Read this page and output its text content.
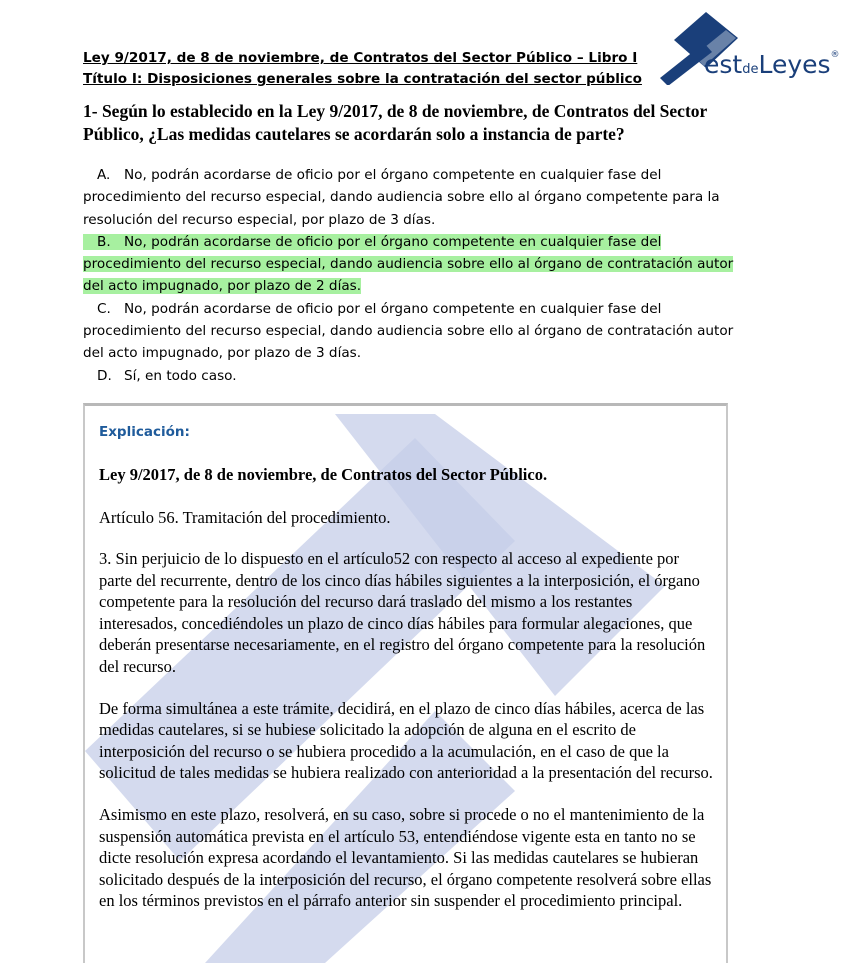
Ley 9/2017, de 8 de noviembre, de Contratos del Sector Público – Libro I Título I: Disposiciones generales sobre la contratación del sector público	estdeLeyes®
1- Según lo establecido en la Ley 9/2017, de 8 de noviembre, de Contratos del Sector Público, ¿Las medidas cautelares se acordarán solo a instancia de parte?

A. No, podrán acordarse de oficio por el órgano competente en cualquier fase del procedimiento del recurso especial, dando audiencia sobre ello al órgano competente para la resolución del recurso especial, por plazo de 3 días.

B. No, podrán acordarse de oficio por el órgano competente en cualquier fase del procedimiento del recurso especial, dando audiencia sobre ello al órgano de contratación autor del acto impugnado, por plazo de 2 días.

C. No, podrán acordarse de oficio por el órgano competente en cualquier fase del procedimiento del recurso especial, dando audiencia sobre ello al órgano de contratación autor del acto impugnado, por plazo de 3 días.

D. Sí, en todo caso.

Explicación:
Ley 9/2017, de 8 de noviembre, de Contratos del Sector Público.
Artículo 56. Tramitación del procedimiento.
3. Sin perjuicio de lo dispuesto en el artículo52 con respecto al acceso al expediente por parte del recurrente, dentro de los cinco días hábiles siguientes a la interposición, el órgano competente para la resolución del recurso dará traslado del mismo a los restantes interesados, concediéndoles un plazo de cinco días hábiles para formular alegaciones, que deberán presentarse necesariamente, en el registro del órgano competente para la resolución del recurso.
De forma simultánea a este trámite, decidirá, en el plazo de cinco días hábiles, acerca de las medidas cautelares, si se hubiese solicitado la adopción de alguna en el escrito de interposición del recurso o se hubiera procedido a la acumulación, en el caso de que la solicitud de tales medidas se hubiera realizado con anterioridad a la presentación del recurso.
Asimismo en este plazo, resolverá, en su caso, sobre si procede o no el mantenimiento de la suspensión automática prevista en el artículo 53, entendiéndose vigente esta en tanto no se dicte resolución expresa acordando el levantamiento. Si las medidas cautelares se hubieran solicitado después de la interposición del recurso, el órgano competente resolverá sobre ellas en los términos previstos en el párrafo anterior sin suspender el procedimiento principal.
